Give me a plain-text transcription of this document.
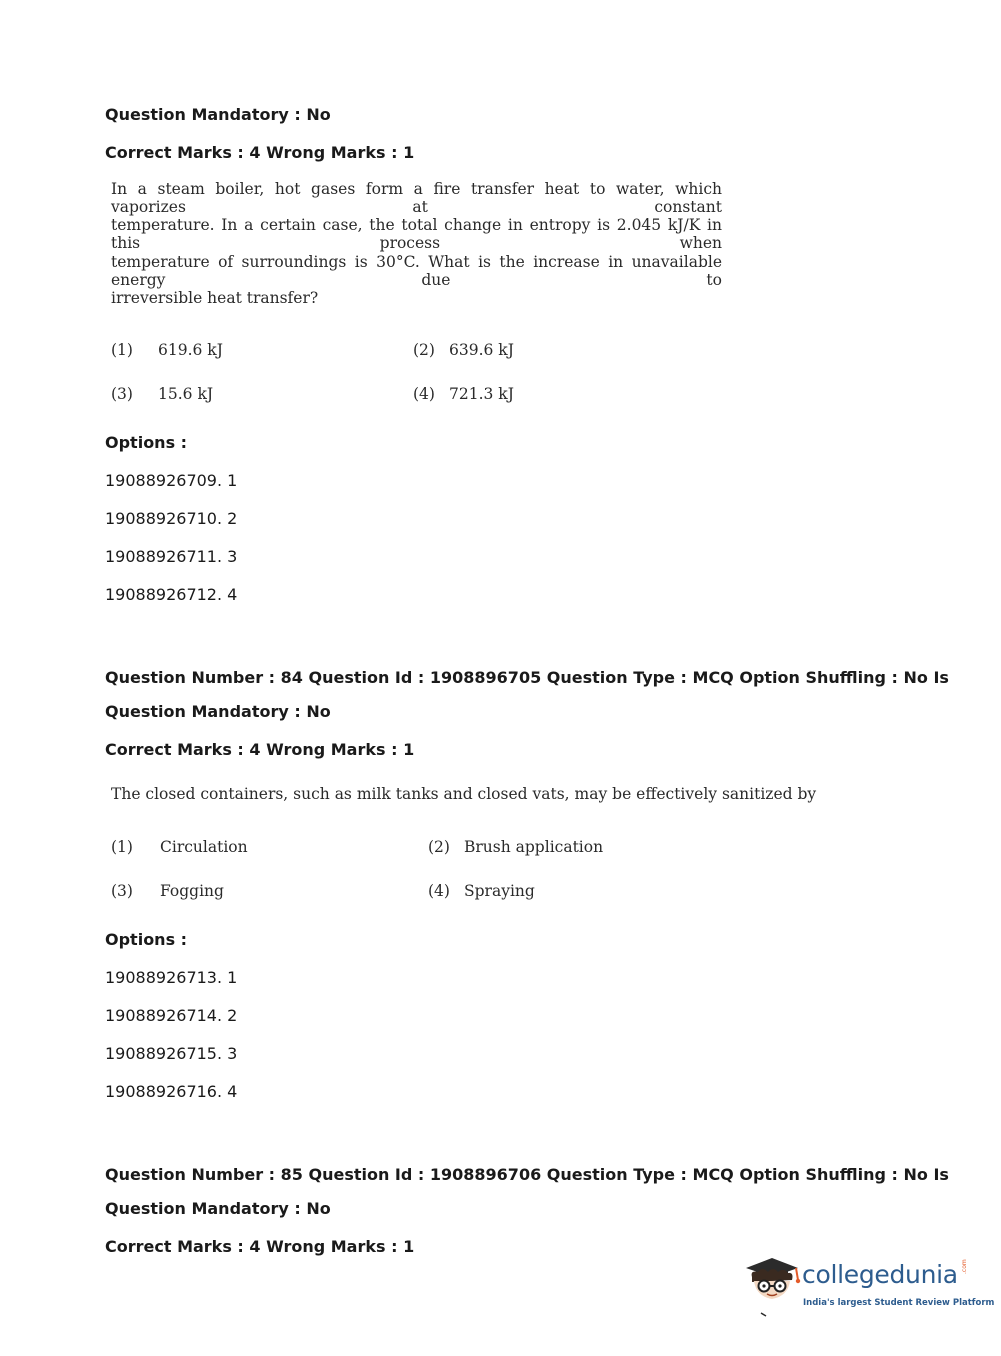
Question Mandatory : No
Correct Marks : 4 Wrong Marks : 1
In a steam boiler, hot gases form a fire transfer heat to water, which vaporizes at constant
temperature. In a certain case, the total change in entropy is 2.045 kJ/K in this process when
temperature of surroundings is 30°C. What is the increase in unavailable energy due to
irreversible heat transfer?
(1) 619.6 kJ	(2) 639.6 kJ
(3) 15.6 kJ	(4) 721.3 kJ
Options :
19088926709. 1
19088926710. 2
19088926711. 3
19088926712. 4
Question Number : 84 Question Id : 1908896705 Question Type : MCQ Option Shuffling : No Is
Question Mandatory : No
Correct Marks : 4 Wrong Marks : 1
The closed containers, such as milk tanks and closed vats, may be effectively sanitized by
(1) Circulation	(2) Brush application
(3) Fogging	(4) Spraying
Options :
19088926713. 1
19088926714. 2
19088926715. 3
19088926716. 4
Question Number : 85 Question Id : 1908896706 Question Type : MCQ Option Shuffling : No Is
Question Mandatory : No
Correct Marks : 4 Wrong Marks : 1
collegedunia .com
India's largest Student Review Platform
